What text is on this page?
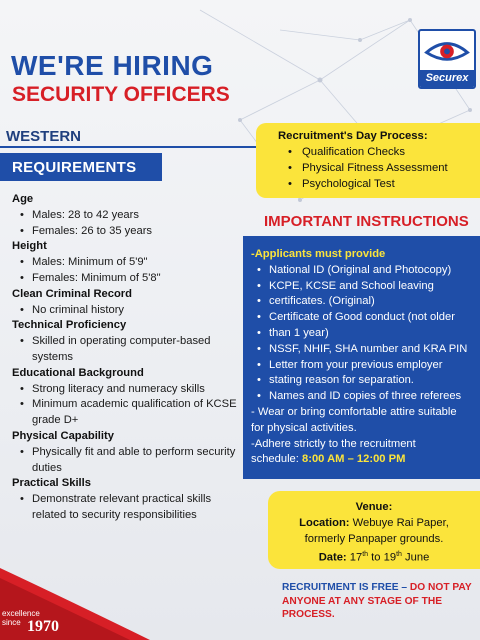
WE'RE HIRING
SECURITY OFFICERS
Securex
WESTERN
REQUIREMENTS
Age
• Males: 28 to 42 years
• Females: 26 to 35 years
Height
• Males: Minimum of 5'9"
• Females: Minimum of 5'8"
Clean Criminal Record
• No criminal history
Technical Proficiency
• Skilled in operating computer-based systems
Educational Background
• Strong literacy and numeracy skills
• Minimum academic qualification of KCSE grade D+
Physical Capability
• Physically fit and able to perform security duties
Practical Skills
• Demonstrate relevant practical skills related to security responsibilities
Recruitment's Day Process:
• Qualification Checks
• Physical Fitness Assessment
• Psychological Test
IMPORTANT INSTRUCTIONS
-Applicants must provide
• National ID (Original and Photocopy)
• KCPE, KCSE and School leaving
• certificates. (Original)
• Certificate of Good conduct (not older
• than 1 year)
• NSSF, NHIF, SHA number and KRA PIN
• Letter from your previous employer
• stating reason for separation.
• Names and ID copies of three referees
- Wear or bring comfortable attire suitable
for physical activities.
-Adhere strictly to the recruitment
schedule: 8:00 AM – 12:00 PM
Venue:
Location: Webuye Rai Paper,
formerly Panpaper grounds.
Date: 17th to 19th June
RECRUITMENT IS FREE – DO NOT PAY
ANYONE AT ANY STAGE OF THE
PROCESS.
excellence
since 1970
